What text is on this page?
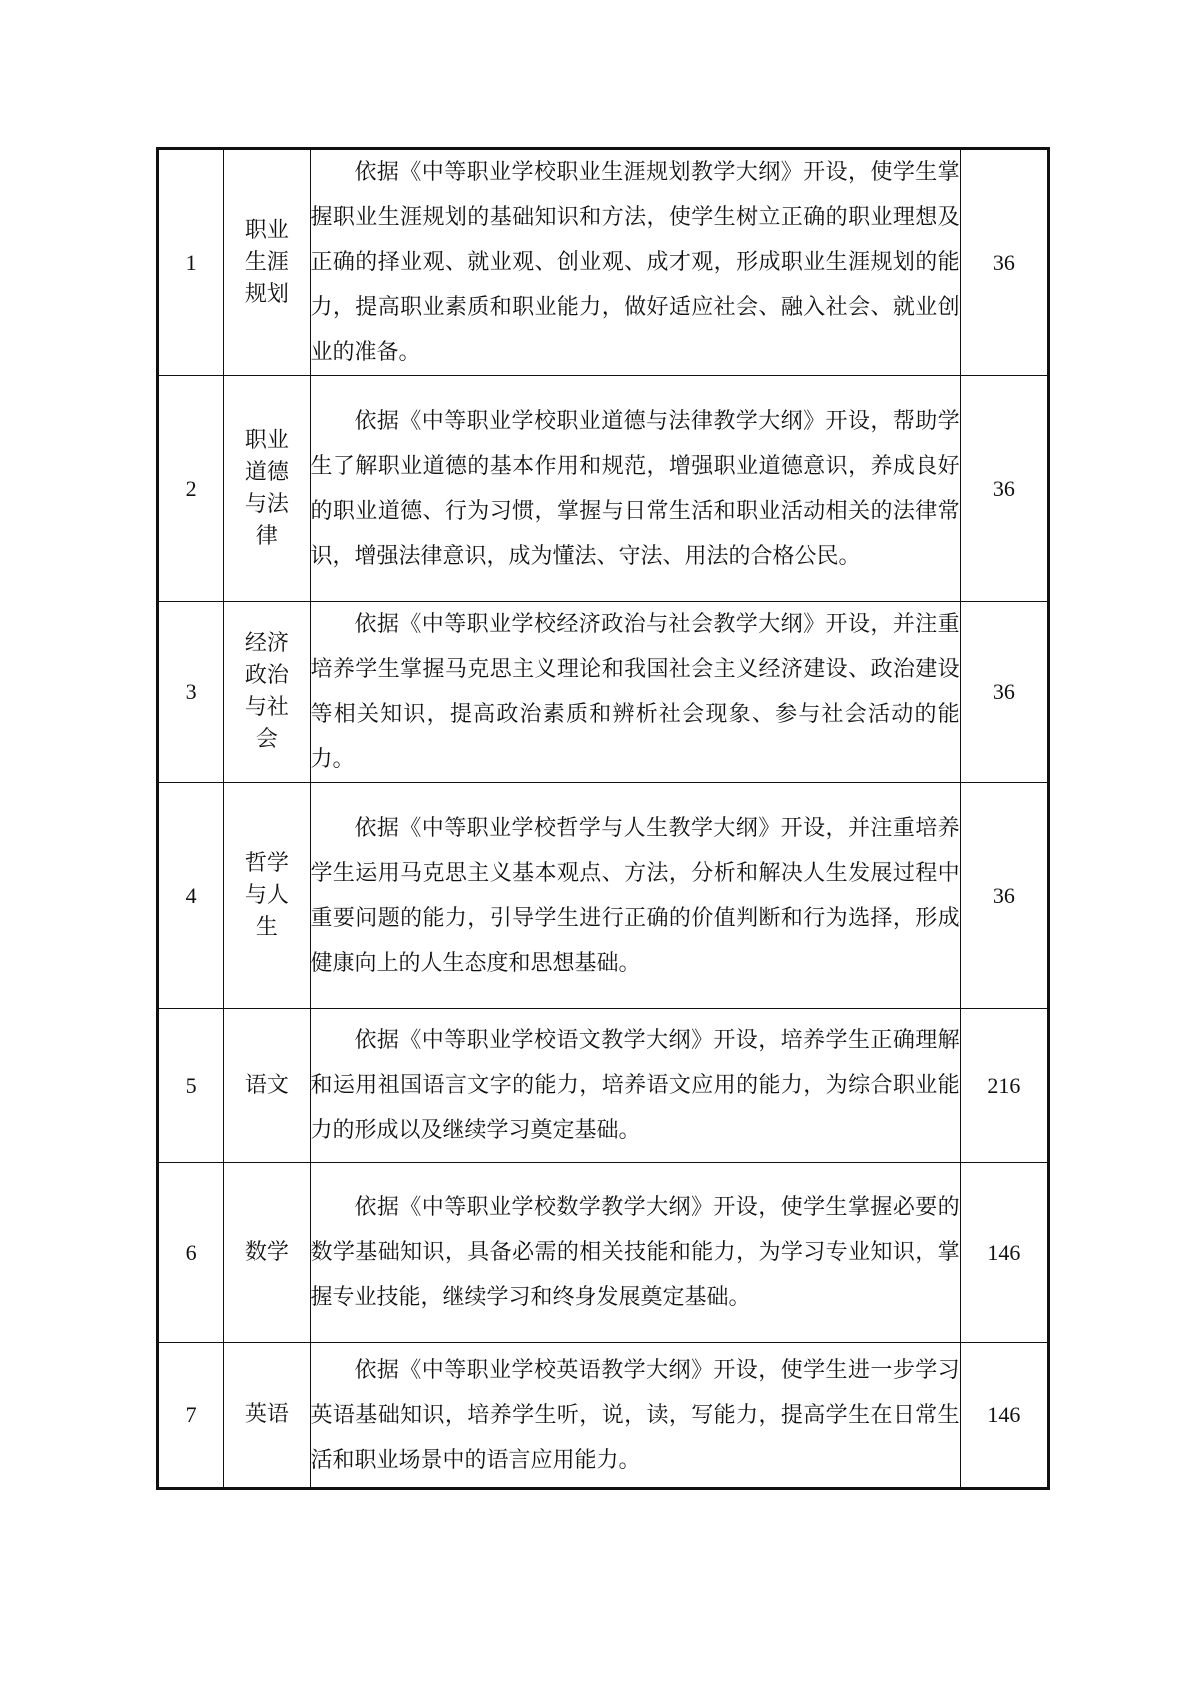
1	职业生涯规划	依据《中等职业学校职业生涯规划教学大纲》开设，使学生掌握职业生涯规划的基础知识和方法，使学生树立正确的职业理想及正确的择业观、就业观、创业观、成才观，形成职业生涯规划的能力，提高职业素质和职业能力，做好适应社会、融入社会、就业创业的准备。	36
2	职业道德与法律	依据《中等职业学校职业道德与法律教学大纲》开设，帮助学生了解职业道德的基本作用和规范，增强职业道德意识，养成良好的职业道德、行为习惯，掌握与日常生活和职业活动相关的法律常识，增强法律意识，成为懂法、守法、用法的合格公民。	36
3	经济政治与社会	依据《中等职业学校经济政治与社会教学大纲》开设，并注重培养学生掌握马克思主义理论和我国社会主义经济建设、政治建设等相关知识，提高政治素质和辨析社会现象、参与社会活动的能力。	36
4	哲学与人生	依据《中等职业学校哲学与人生教学大纲》开设，并注重培养学生运用马克思主义基本观点、方法，分析和解决人生发展过程中重要问题的能力，引导学生进行正确的价值判断和行为选择，形成健康向上的人生态度和思想基础。	36
5	语文	依据《中等职业学校语文教学大纲》开设，培养学生正确理解和运用祖国语言文字的能力，培养语文应用的能力，为综合职业能力的形成以及继续学习奠定基础。	216
6	数学	依据《中等职业学校数学教学大纲》开设，使学生掌握必要的数学基础知识，具备必需的相关技能和能力，为学习专业知识，掌握专业技能，继续学习和终身发展奠定基础。	146
7	英语	依据《中等职业学校英语教学大纲》开设，使学生进一步学习英语基础知识，培养学生听，说，读，写能力，提高学生在日常生活和职业场景中的语言应用能力。	146
